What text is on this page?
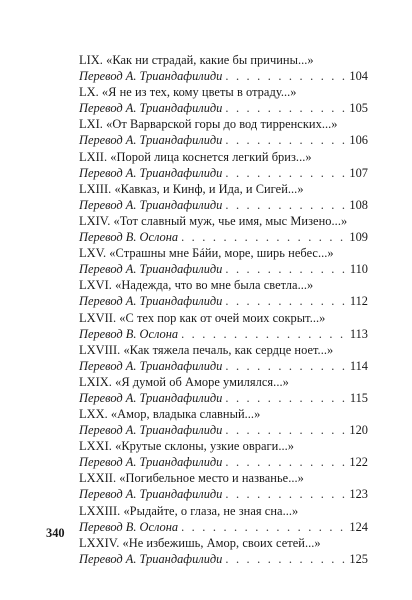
LIX. «Как ни страдай, какие бы причины...»
Перевод А. Триандафилиди . . .	104
LX. «Я не из тех, кому цветы в отраду...»
Перевод А. Триандафилиди . . .	105
LXI. «От Варварской горы до вод тирренских...»
Перевод А. Триандафилиди . . .	106
LXII. «Порой лица коснется легкий бриз...»
Перевод А. Триандафилиди . . .	107
LXIII. «Кавказ, и Кинф, и Ида, и Сигей...»
Перевод А. Триандафилиди . . .	108
LXIV. «Тот славный муж, чье имя, мыс Мизено...»
Перевод В. Ослона . . .	109
LXV. «Страшны мне Бáйи, море, ширь небес...»
Перевод А. Триандафилиди . . .	110
LXVI. «Надежда, что во мне была светла...»
Перевод А. Триандафилиди . . .	112
LXVII. «С тех пор как от очей моих сокрыт...»
Перевод В. Ослона . . .	113
LXVIII. «Как тяжела печаль, как сердце ноет...»
Перевод А. Триандафилиди . . .	114
LXIX. «Я думой об Аморе умилялся...»
Перевод А. Триандафилиди . . .	115
LXX. «Амор, владыка славный...»
Перевод А. Триандафилиди . . .	120
LXXI. «Крутые склоны, узкие овраги...»
Перевод А. Триандафилиди . . .	122
LXXII. «Погибельное место и названье...»
Перевод А. Триандафилиди . . .	123
LXXIII. «Рыдайте, о глаза, не зная сна...»
Перевод В. Ослона . . .	124
LXXIV. «Не избежишь, Амор, своих сетей...»
Перевод А. Триандафилиди . . .	125
340
